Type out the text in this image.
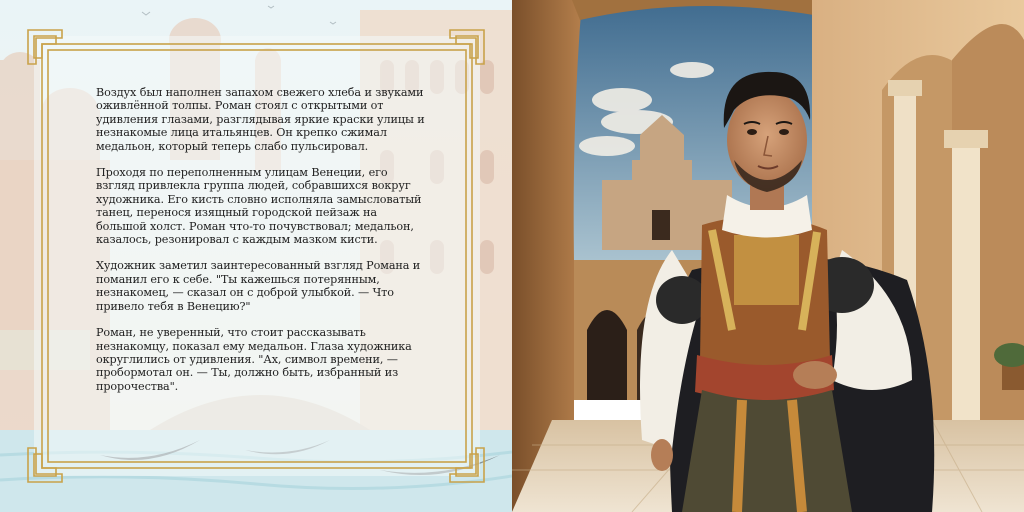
Воздух был наполнен запахом свежего хлеба и звуками оживлённой толпы. Роман стоял с открытыми от удивления глазами, разглядывая яркие краски улицы и незнакомые лица итальянцев. Он крепко сжимал медальон, который теперь слабо пульсировал.

Проходя по переполненным улицам Венеции, его взгляд привлекла группа людей, собравшихся вокруг художника. Его кисть словно исполняла замысловатый танец, перенося изящный городской пейзаж на большой холст. Роман что-то почувствовал; медальон, казалось, резонировал с каждым мазком кисти.

Художник заметил заинтересованный взгляд Романа и поманил его к себе. "Ты кажешься потерянным, незнакомец, — сказал он с доброй улыбкой. — Что привело тебя в Венецию?"

Роман, не уверенный, что стоит рассказывать незнакомцу, показал ему медальон. Глаза художника округлились от удивления. "Ах, символ времени, — пробормотал он. — Ты, должно быть, избранный из пророчества".
